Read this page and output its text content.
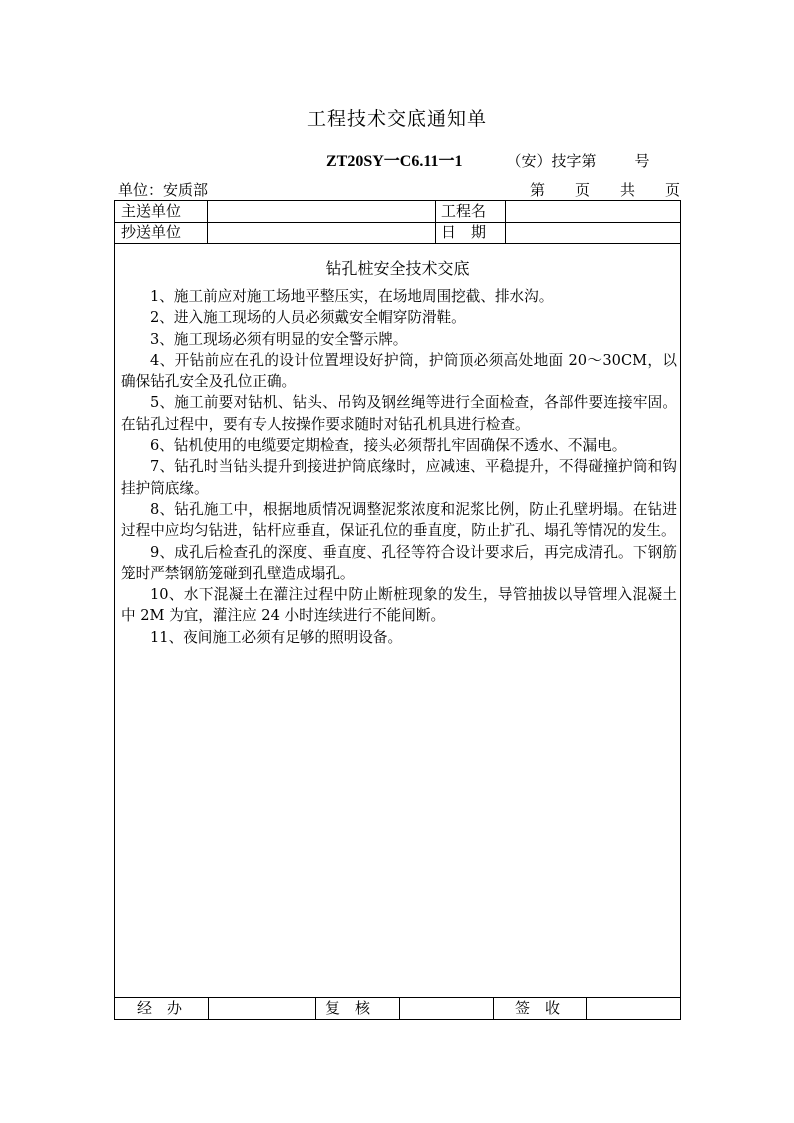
工程技术交底通知单
ZT20SY一C6.11一1	（安）技字第	号
单位：安质部	第 页 共 页
主送单位	工程名
抄送单位	日　期
经　办	复　核	签　收
钻孔桩安全技术交底

1、施工前应对施工场地平整压实，在场地周围挖截、排水沟。

2、进入施工现场的人员必须戴安全帽穿防滑鞋。

3、施工现场必须有明显的安全警示牌。

4、开钻前应在孔的设计位置埋设好护筒，护筒顶必须高处地面 20～30CM，以确保钻孔安全及孔位正确。

5、施工前要对钻机、钻头、吊钩及钢丝绳等进行全面检查，各部件要连接牢固。在钻孔过程中，要有专人按操作要求随时对钻孔机具进行检查。

6、钻机使用的电缆要定期检查，接头必须帮扎牢固确保不透水、不漏电。

7、钻孔时当钻头提升到接进护筒底缘时，应减速、平稳提升，不得碰撞护筒和钩挂护筒底缘。

8、钻孔施工中，根据地质情况调整泥浆浓度和泥浆比例，防止孔壁坍塌。在钻进过程中应均匀钻进，钻杆应垂直，保证孔位的垂直度，防止扩孔、塌孔等情况的发生。

9、成孔后检查孔的深度、垂直度、孔径等符合设计要求后，再完成清孔。下钢筋笼时严禁钢筋笼碰到孔壁造成塌孔。

10、水下混凝土在灌注过程中防止断桩现象的发生，导管抽拔以导管埋入混凝土中 2M 为宜，灌注应 24 小时连续进行不能间断。

11、夜间施工必须有足够的照明设备。
